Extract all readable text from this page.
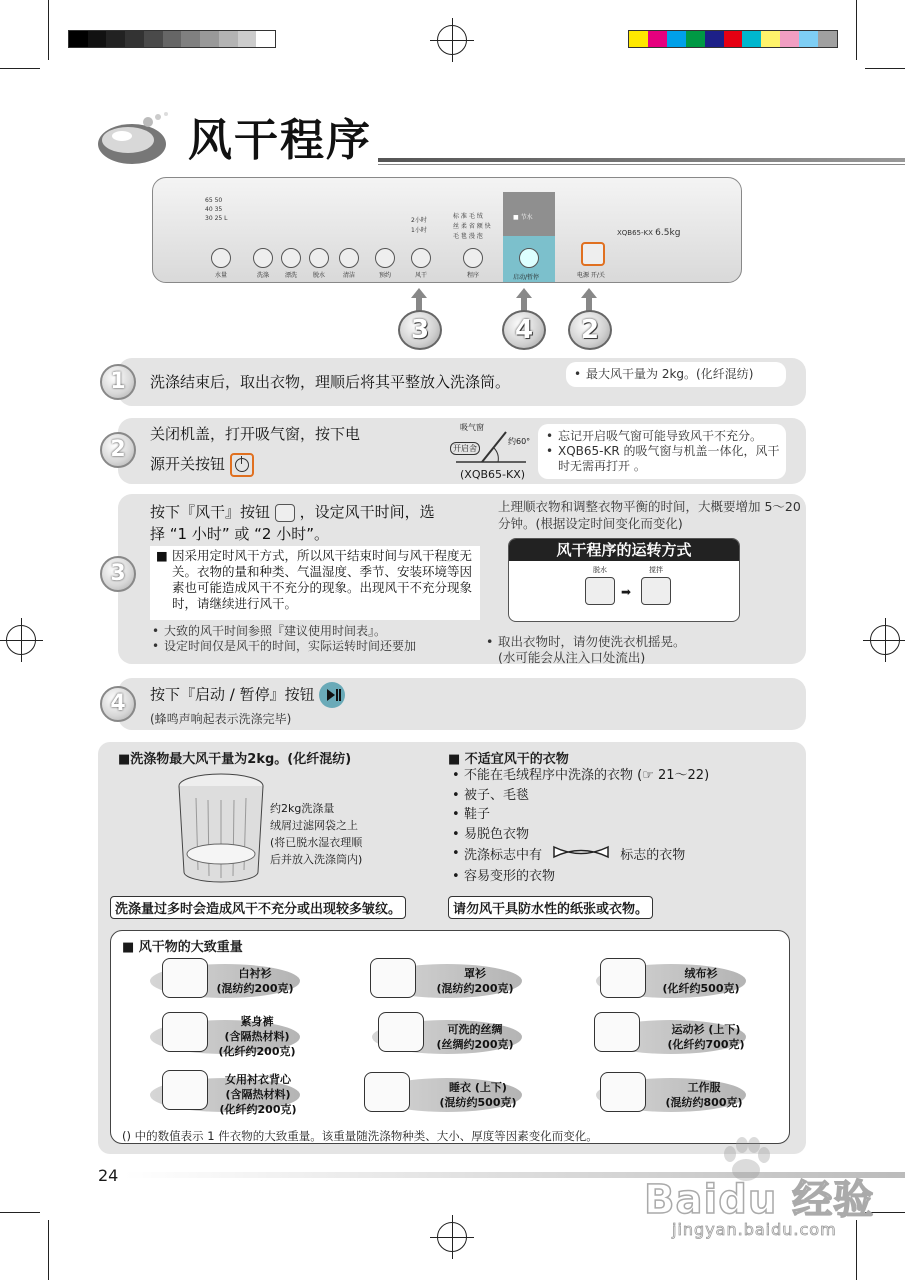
风干程序
65 50
40 35
30 25 L	2小时
1小时
标 准 毛 绒
丝 柔 省 额 快
毛 毯 漫 泡
■ 节水
XQB65-KX 6.5kg
水量	洗涤	漂洗	脱水	清洁	预约	风干	程序	启动/暂停	电源 开/关
3	4	2
1	洗涤结束后，取出衣物，理顺后将其平整放入洗涤筒。
•	最大风干量为 2kg。(化纤混纺)
2
关闭机盖，打开吸气窗，按下电
源开关按钮
吸气窗
开启舍
约60°
(XQB65-KX)
• 忘记开启吸气窗可能导致风干不充分。
• XQB65-KR 的吸气窗与机盖一体化，风干时无需再打开 。
3
按下『风干』按钮 ，设定风干时间，选
择 “1 小时” 或 “2 小时”。
■ 因采用定时风干方式，所以风干结束时间与风干程度无关。衣物的量和种类、气温湿度、季节、安装环境等因素也可能造成风干不充分的现象。出现风干不充分现象时，请继续进行风干。
• 大致的风干时间参照『建议使用时间表』。
• 设定时间仅是风干的时间，实际运转时间还要加
上理顺衣物和调整衣物平衡的时间，大概要增加 5～20 分钟。(根据设定时间变化而变化)
风干程序的运转方式
脱水	搅拌
➡
• 取出衣物时，请勿使洗衣机摇晃。
(水可能会从注入口处流出)
4	按下『启动 / 暂停』按钮
(蜂鸣声响起表示洗涤完毕)
■洗涤物最大风干量为2kg。(化纤混纺)
约2kg洗涤量
绒屑过滤网袋之上
(将已脱水湿衣理顺
后并放入洗涤筒内)
洗涤量过多时会造成风干不充分或出现较多皱纹。
■ 不适宜风干的衣物
• 不能在毛绒程序中洗涤的衣物 (☞ 21～22)
• 被子、毛毯
• 鞋子
• 易脱色衣物
• 洗涤标志中有	标志的衣物
• 容易变形的衣物
请勿风干具防水性的纸张或衣物。
■ 风干物的大致重量
白衬衫
(混纺约200克)
罩衫
(混纺约200克)
绒布衫
(化纤约500克)
紧身裤
(含隔热材料)
(化纤约200克)
可洗的丝绸
(丝绸约200克)
运动衫 (上下)
(化纤约700克)
女用衬衣背心
(含隔热材料)
(化纤约200克)
睡衣 (上下)
(混纺约500克)
工作服
(混纺约800克)
() 中的数值表示 1 件衣物的大致重量。该重量随洗涤物种类、大小、厚度等因素变化而变化。
24
Baidu 经验
jingyan.baidu.com
